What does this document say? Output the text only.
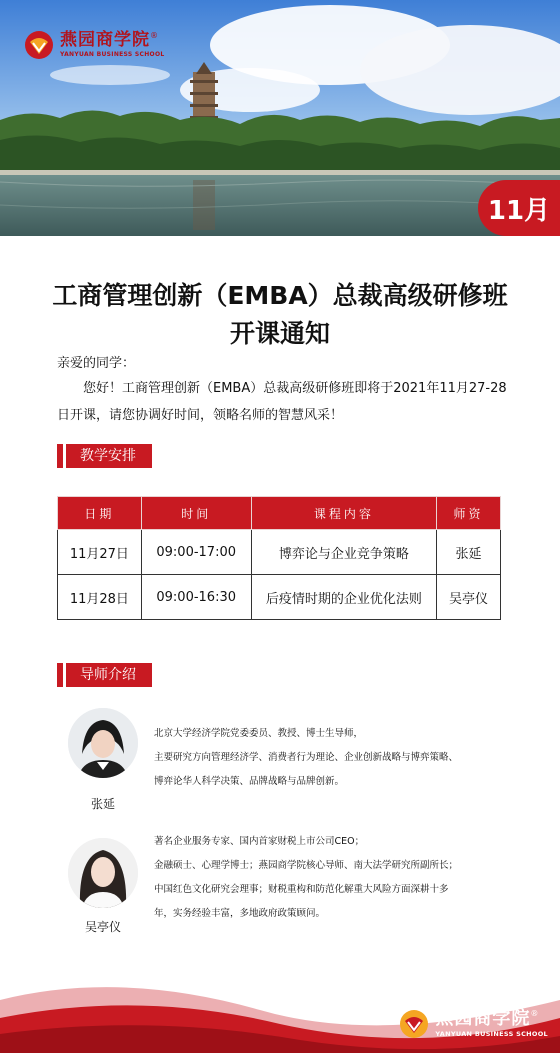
燕园商学院®
YANYUAN BUSINESS SCHOOL
11月
工商管理创新（EMBA）总裁高级研修班
开课通知
亲爱的同学：
您好！工商管理创新（EMBA）总裁高级研修班即将于2021年11月27-28日开课，请您协调好时间，领略名师的智慧风采！
教学安排
日期	时间	课程内容	师资
11月27日	09:00-17:00	博弈论与企业竞争策略	张延
11月28日	09:00-16:30	后疫情时期的企业优化法则	吴亭仪
导师介绍
张延

北京大学经济学院党委委员、教授、博士生导师，

主要研究方向管理经济学、消费者行为理论、企业创新战略与博弈策略、

博弈论华人科学决策、品牌战略与品牌创新。

吴亭仪

著名企业服务专家、国内首家财税上市公司CEO；

金融硕士、心理学博士；燕园商学院核心导师、南大法学研究所副所长；

中国红色文化研究会理事；财税重构和防范化解重大风险方面深耕十多

年，实务经验丰富，多地政府政策顾问。

燕园商学院®
YANYUAN BUSINESS SCHOOL
